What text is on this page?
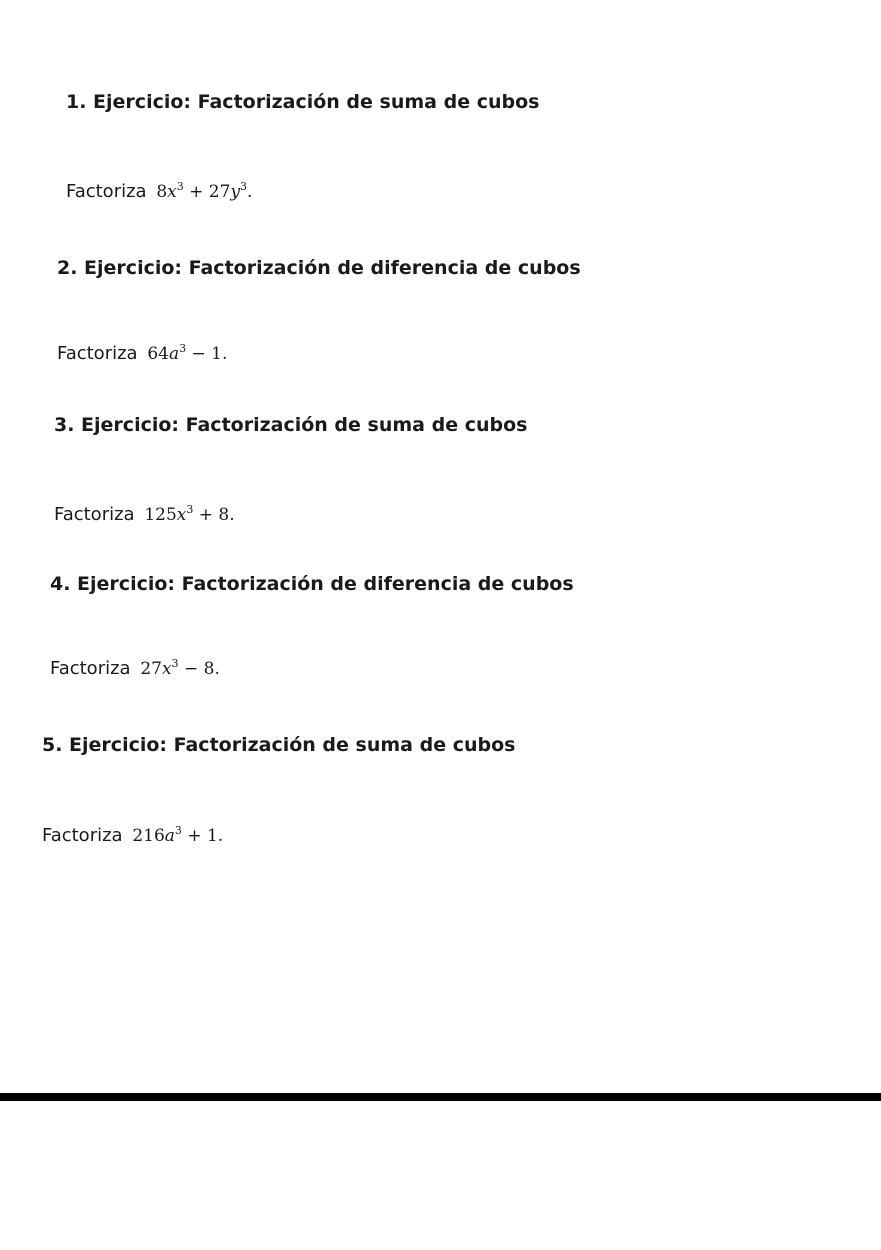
1. Ejercicio: Factorización de suma de cubos

Factoriza $8x^3 + 27y^3$.

2. Ejercicio: Factorización de diferencia de cubos

Factoriza $64a^3 - 1$.

3. Ejercicio: Factorización de suma de cubos

Factoriza $125x^3 + 8$.

4. Ejercicio: Factorización de diferencia de cubos

Factoriza $27x^3 - 8$.

5. Ejercicio: Factorización de suma de cubos

Factoriza $216a^3 + 1$.
